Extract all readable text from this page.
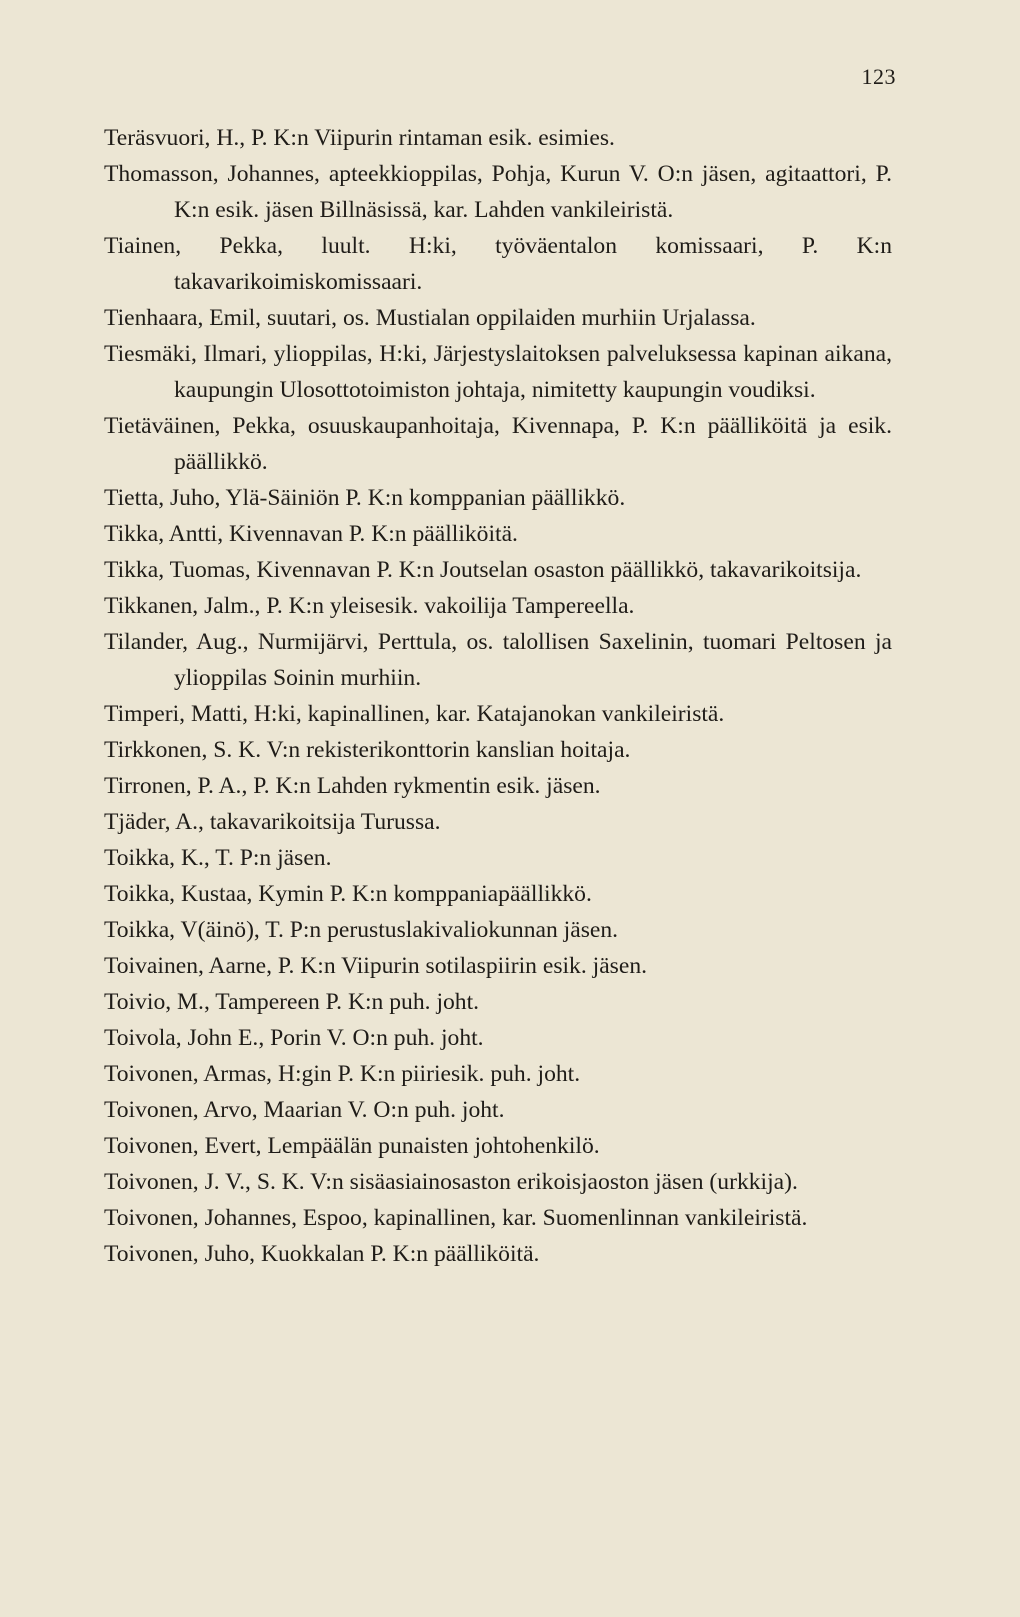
123

Teräsvuori, H., P. K:n Viipurin rintaman esik. esimies.

Thomasson, Johannes, apteekkioppilas, Pohja, Kurun V. O:n jäsen, agitaattori, P. K:n esik. jäsen Billnäsissä, kar. Lahden vankileiristä.

Tiainen, Pekka, luult. H:ki, työväentalon komissaari, P. K:n takavarikoimiskomissaari.

Tienhaara, Emil, suutari, os. Mustialan oppilaiden murhiin Urjalassa.

Tiesmäki, Ilmari, ylioppilas, H:ki, Järjestyslaitoksen palveluksessa kapinan aikana, kaupungin Ulosottotoimiston johtaja, nimitetty kaupungin voudiksi.

Tietäväinen, Pekka, osuuskaupanhoitaja, Kivennapa, P. K:n päälliköitä ja esik. päällikkö.

Tietta, Juho, Ylä-Säiniön P. K:n komppanian päällikkö.

Tikka, Antti, Kivennavan P. K:n päälliköitä.

Tikka, Tuomas, Kivennavan P. K:n Joutselan osaston päällikkö, takavarikoitsija.

Tikkanen, Jalm., P. K:n yleisesik. vakoilija Tampereella.

Tilander, Aug., Nurmijärvi, Perttula, os. talollisen Saxelinin, tuomari Peltosen ja ylioppilas Soinin murhiin.

Timperi, Matti, H:ki, kapinallinen, kar. Katajanokan vankileiristä.

Tirkkonen, S. K. V:n rekisterikonttorin kanslian hoitaja.

Tirronen, P. A., P. K:n Lahden rykmentin esik. jäsen.

Tjäder, A., takavarikoitsija Turussa.

Toikka, K., T. P:n jäsen.

Toikka, Kustaa, Kymin P. K:n komppaniapäällikkö.

Toikka, V(äinö), T. P:n perustuslakivaliokunnan jäsen.

Toivainen, Aarne, P. K:n Viipurin sotilaspiirin esik. jäsen.

Toivio, M., Tampereen P. K:n puh. joht.

Toivola, John E., Porin V. O:n puh. joht.

Toivonen, Armas, H:gin P. K:n piiriesik. puh. joht.

Toivonen, Arvo, Maarian V. O:n puh. joht.

Toivonen, Evert, Lempäälän punaisten johtohenkilö.

Toivonen, J. V., S. K. V:n sisäasiainosaston erikoisjaoston jäsen (urkkija).

Toivonen, Johannes, Espoo, kapinallinen, kar. Suomenlinnan vankileiristä.

Toivonen, Juho, Kuokkalan P. K:n päälliköitä.
